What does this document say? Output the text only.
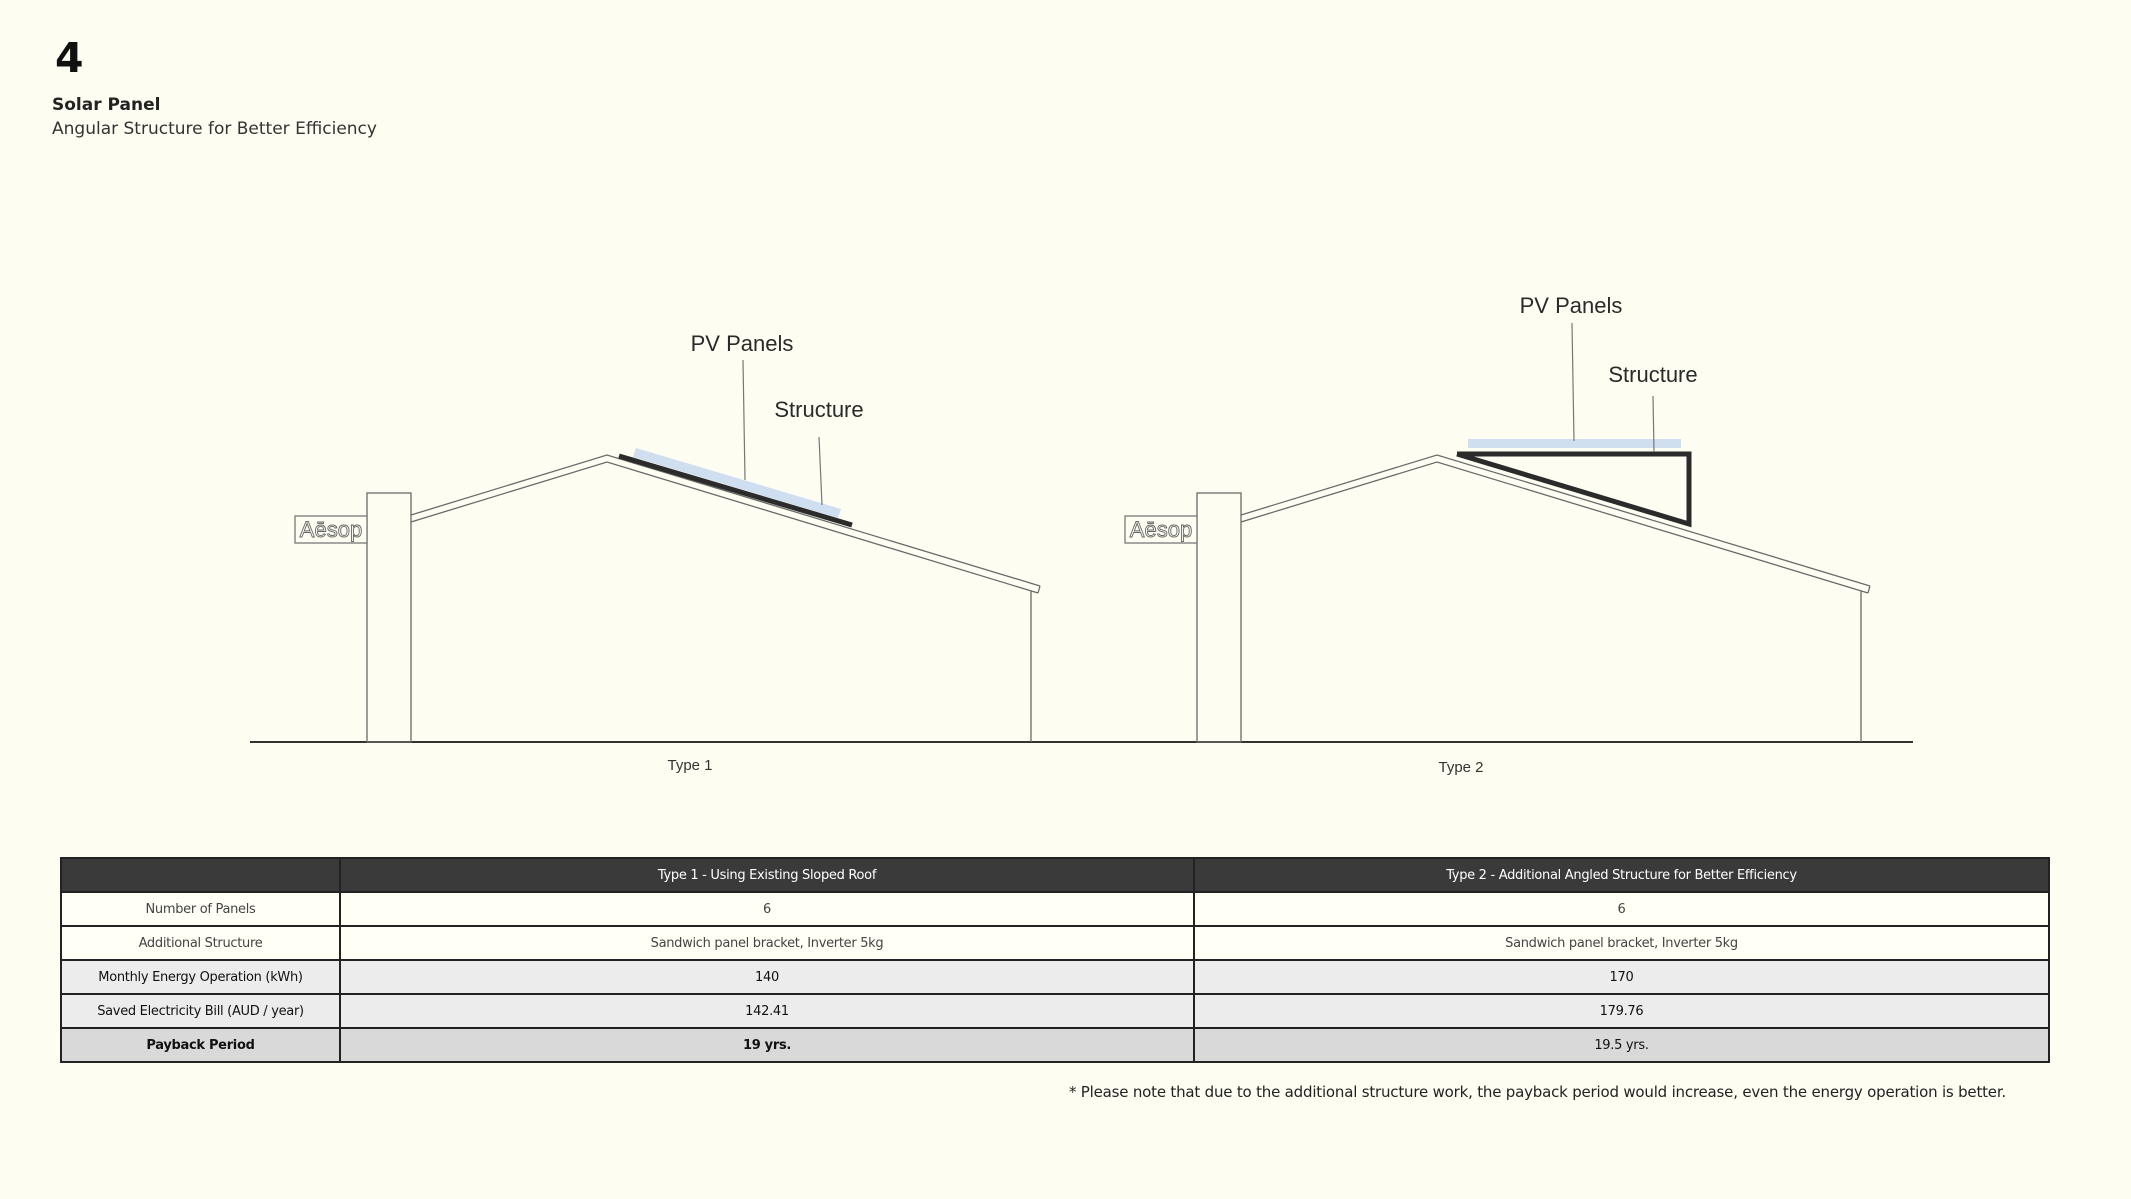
4
Solar Panel
Angular Structure for Better Efficiency
Aēsop
PV Panels
Structure
Type 1
Aēsop
PV Panels
Structure
Type 2
	Type 1 - Using Existing Sloped Roof	Type 2 - Additional Angled Structure for Better Efficiency
Number of Panels	6	6
Additional Structure	Sandwich panel bracket, Inverter 5kg	Sandwich panel bracket, Inverter 5kg
Monthly Energy Operation (kWh)	140	170
Saved Electricity Bill (AUD / year)	142.41	179.76
Payback Period	19 yrs.	19.5 yrs.
* Please note that due to the additional structure work, the payback period would increase, even the energy operation is better.
